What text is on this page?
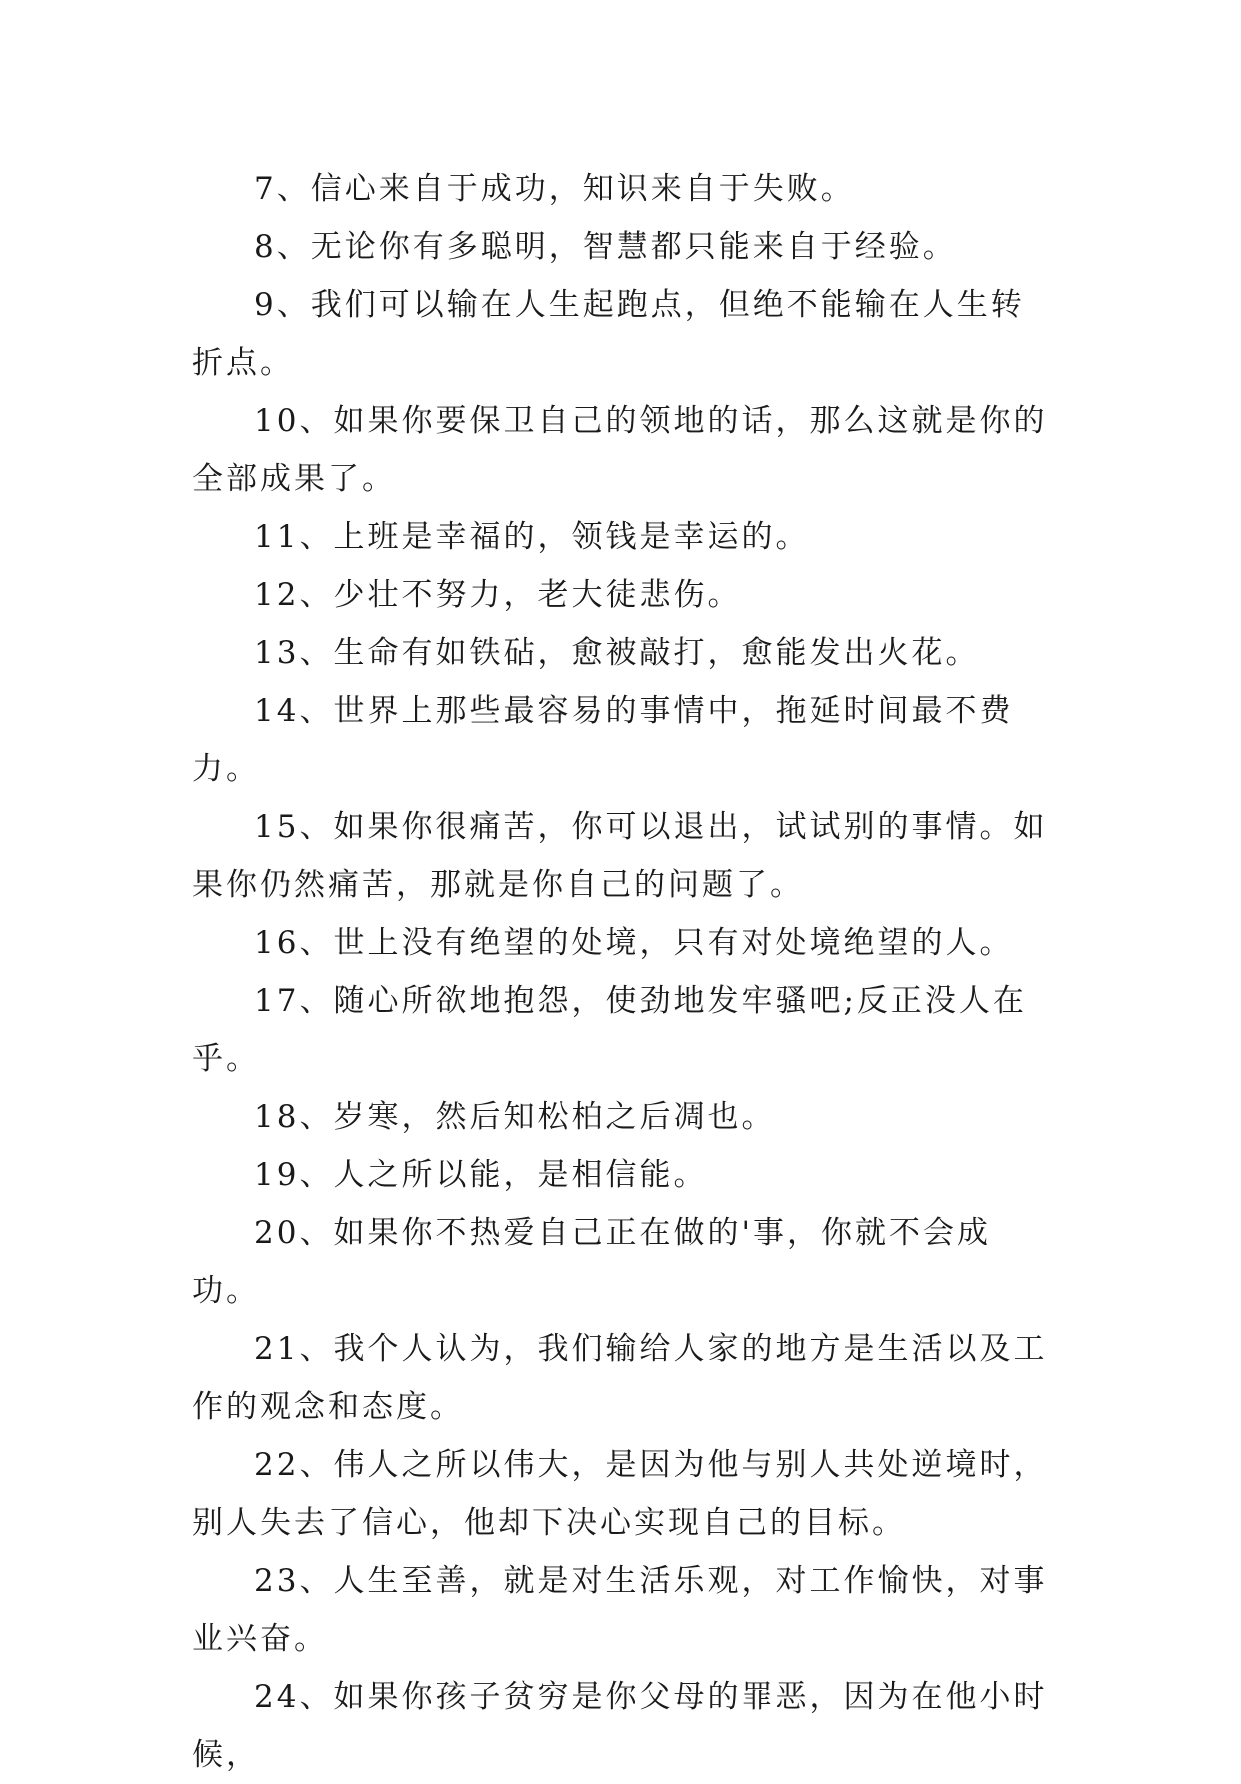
7、信心来自于成功，知识来自于失败。

8、无论你有多聪明，智慧都只能来自于经验。

9、我们可以输在人生起跑点，但绝不能输在人生转折点。

10、如果你要保卫自己的领地的话，那么这就是你的全部成果了。

11、上班是幸福的，领钱是幸运的。

12、少壮不努力，老大徒悲伤。

13、生命有如铁砧，愈被敲打，愈能发出火花。

14、世界上那些最容易的事情中，拖延时间最不费力。

15、如果你很痛苦，你可以退出，试试别的事情。如果你仍然痛苦，那就是你自己的问题了。

16、世上没有绝望的处境，只有对处境绝望的人。

17、随心所欲地抱怨，使劲地发牢骚吧;反正没人在乎。

18、岁寒，然后知松柏之后凋也。

19、人之所以能，是相信能。

20、如果你不热爱自己正在做的'事，你就不会成功。

21、我个人认为，我们输给人家的地方是生活以及工作的观念和态度。

22、伟人之所以伟大，是因为他与别人共处逆境时，别人失去了信心，他却下决心实现自己的目标。

23、人生至善，就是对生活乐观，对工作愉快，对事业兴奋。

24、如果你孩子贫穷是你父母的罪恶，因为在他小时候，
